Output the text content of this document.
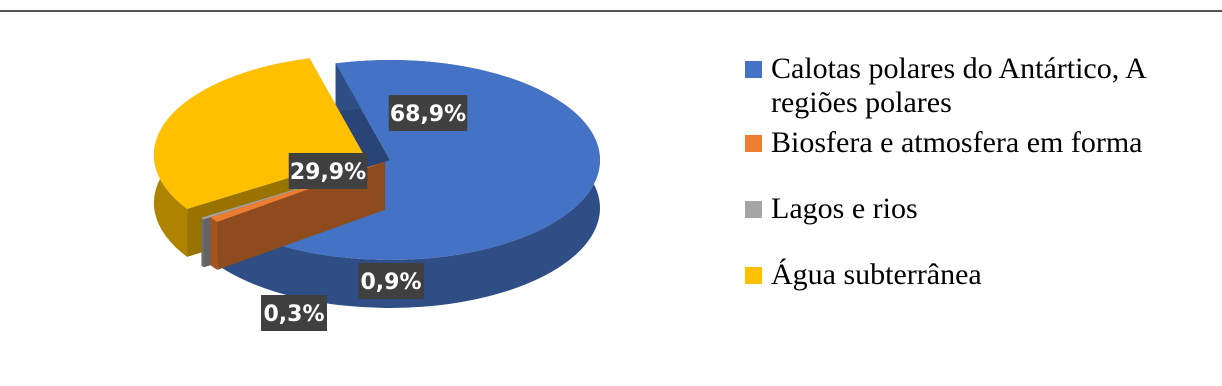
68,9%
0,9%
0,3%
29,9%
Calotas polares do Antártico, A
regiões polares
Biosfera e atmosfera em forma
Lagos e rios
Água subterrânea
